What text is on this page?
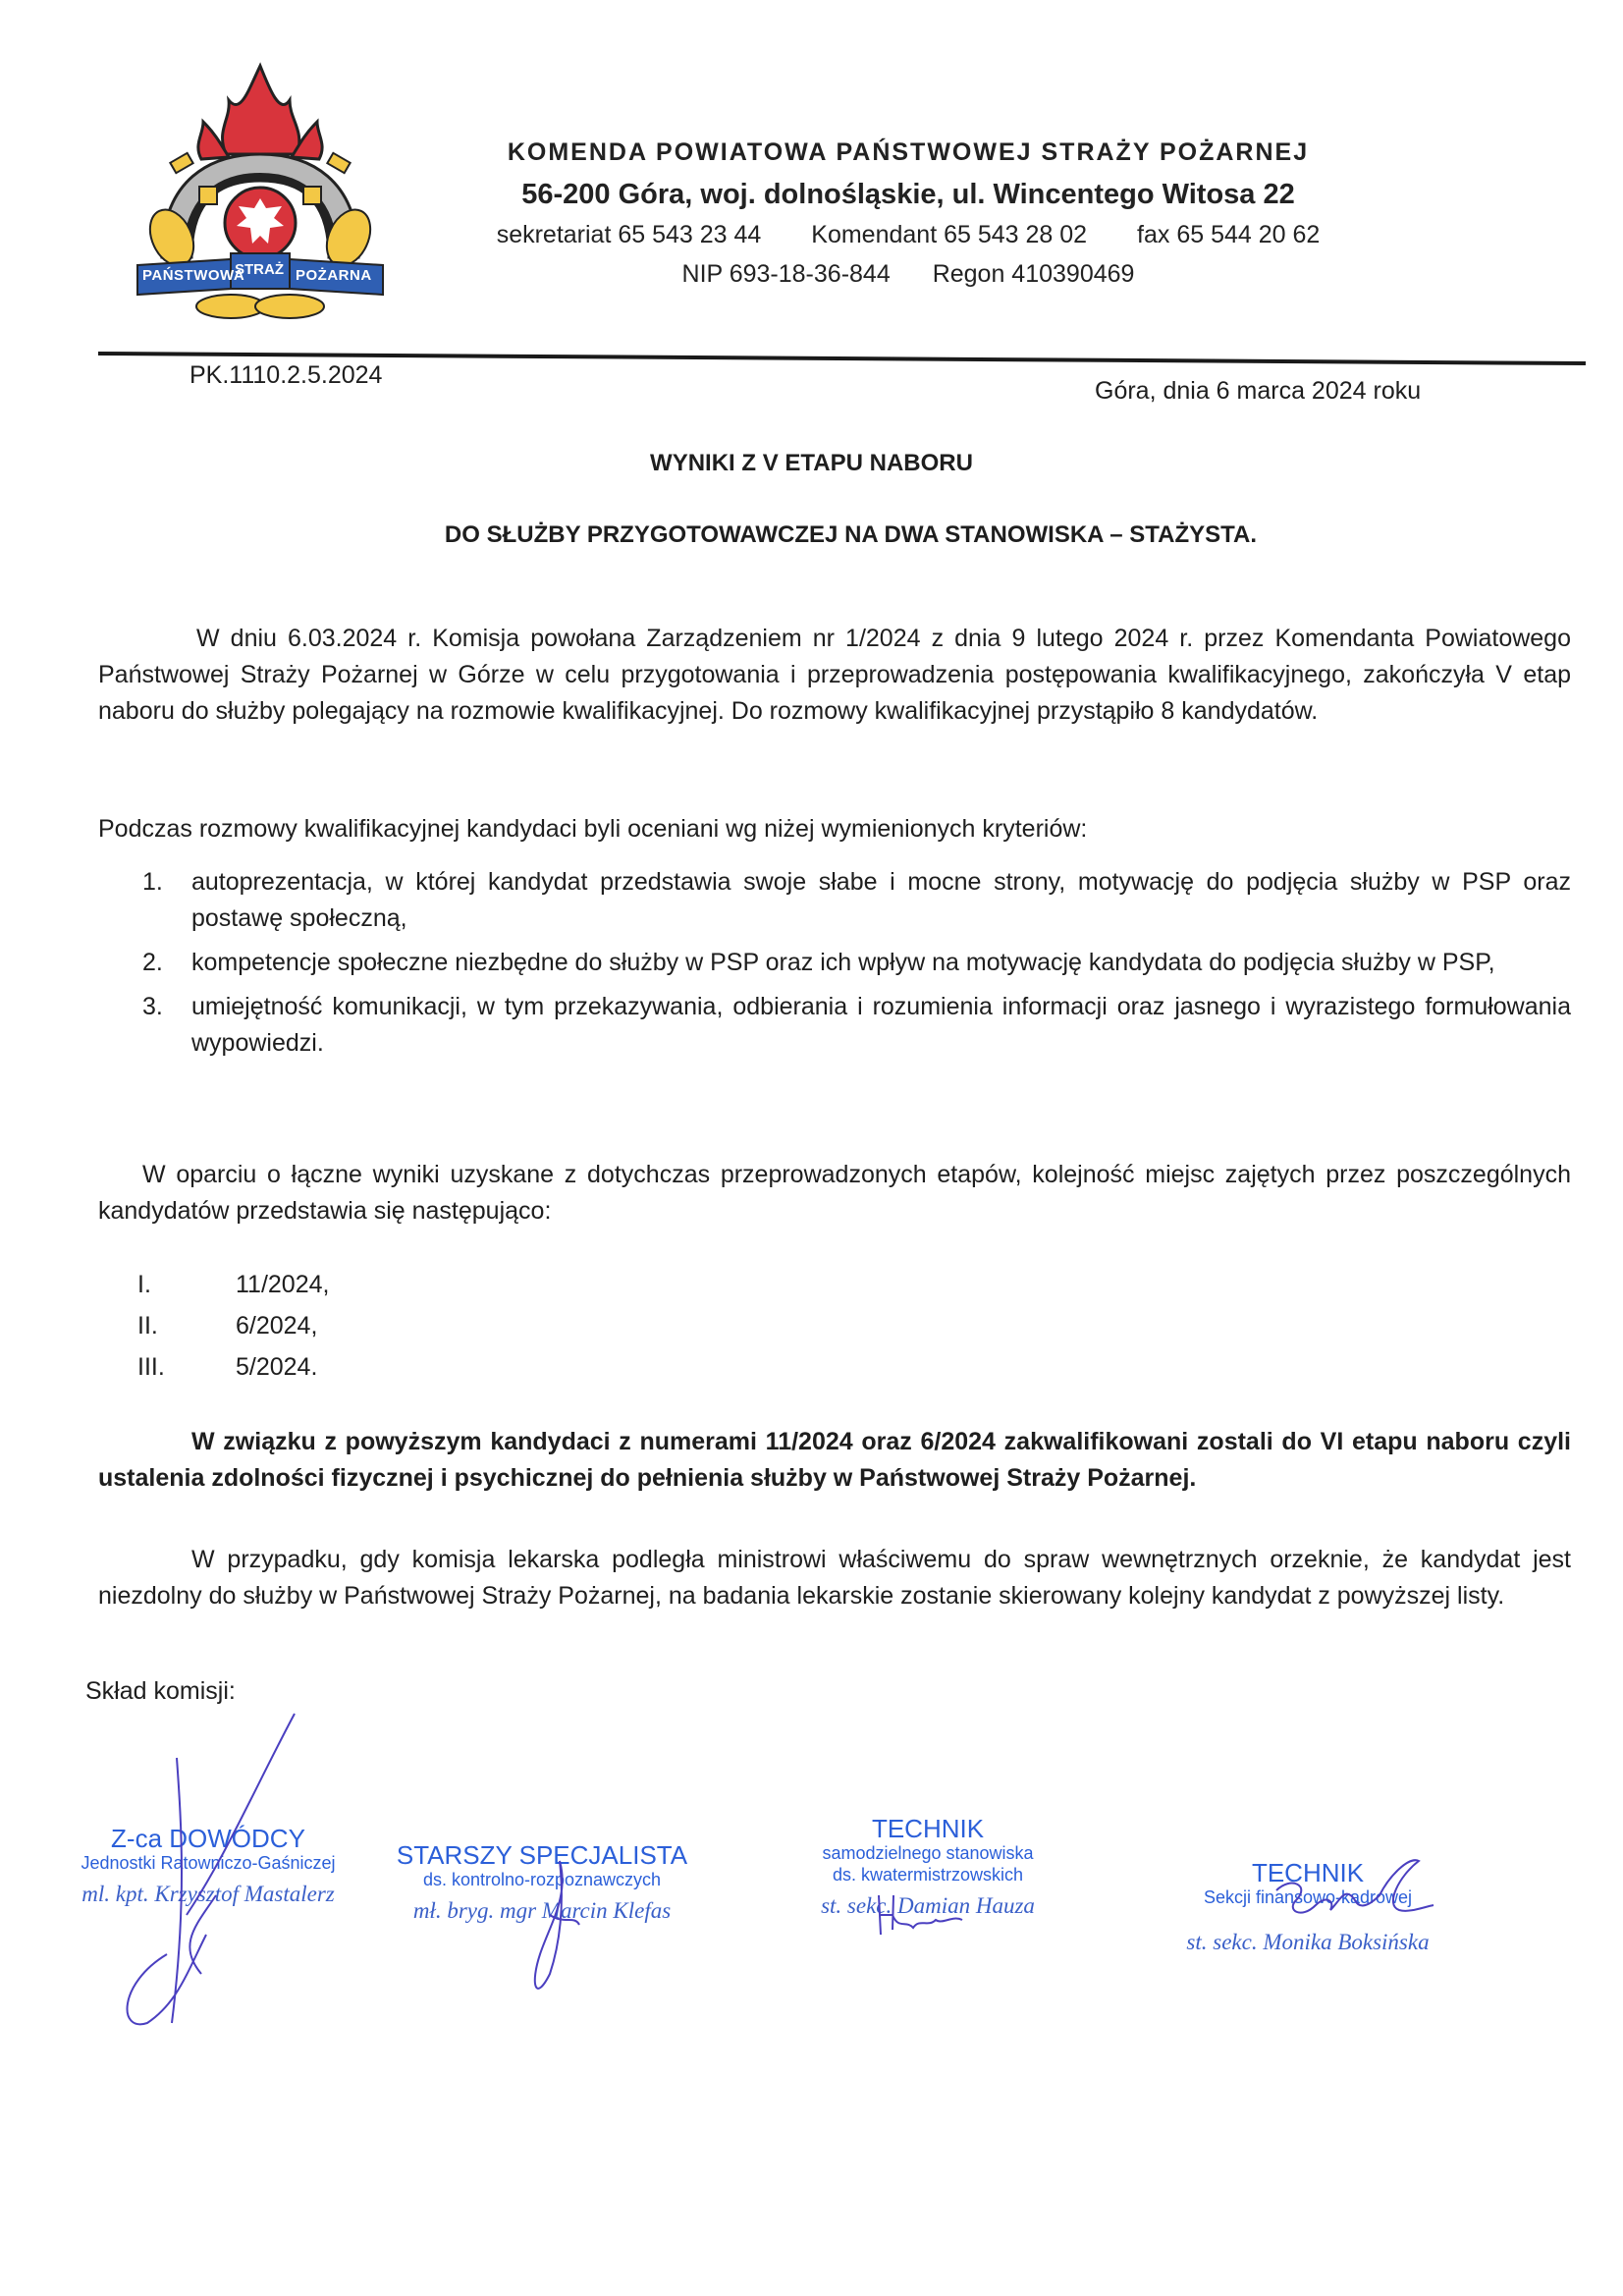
PAŃSTWOWA
STRAŻ POŻARNA
KOMENDA POWIATOWA PAŃSTWOWEJ STRAŻY POŻARNEJ
56-200 Góra, woj. dolnośląskie, ul. Wincentego Witosa 22
sekretariat 65 543 23 44 Komendant 65 543 28 02 fax 65 544 20 62
NIP 693-18-36-844 Regon 410390469
PK.1110.2.5.2024
Góra, dnia 6 marca 2024 roku
WYNIKI Z V ETAPU NABORU
DO SŁUŻBY PRZYGOTOWAWCZEJ NA DWA STANOWISKA – STAŻYSTA.
W dniu 6.03.2024 r. Komisja powołana Zarządzeniem nr 1/2024 z dnia 9 lutego 2024 r. przez Komendanta Powiatowego Państwowej Straży Pożarnej w Górze w celu przygotowania i przeprowadzenia postępowania kwalifikacyjnego, zakończyła V etap naboru do służby polegający na rozmowie kwalifikacyjnej. Do rozmowy kwalifikacyjnej przystąpiło 8 kandydatów.
Podczas rozmowy kwalifikacyjnej kandydaci byli oceniani wg niżej wymienionych kryteriów:
1. autoprezentacja, w której kandydat przedstawia swoje słabe i mocne strony, motywację do podjęcia służby w PSP oraz postawę społeczną,
2. kompetencje społeczne niezbędne do służby w PSP oraz ich wpływ na motywację kandydata do podjęcia służby w PSP,
3. umiejętność komunikacji, w tym przekazywania, odbierania i rozumienia informacji oraz jasnego i wyrazistego formułowania wypowiedzi.
W oparciu o łączne wyniki uzyskane z dotychczas przeprowadzonych etapów, kolejność miejsc zajętych przez poszczególnych kandydatów przedstawia się następująco:
I.	11/2024,
II.	6/2024,
III.	5/2024.
W związku z powyższym kandydaci z numerami 11/2024 oraz 6/2024 zakwalifikowani zostali do VI etapu naboru czyli ustalenia zdolności fizycznej i psychicznej do pełnienia służby w Państwowej Straży Pożarnej.
W przypadku, gdy komisja lekarska podległa ministrowi właściwemu do spraw wewnętrznych orzeknie, że kandydat jest niezdolny do służby w Państwowej Straży Pożarnej, na badania lekarskie zostanie skierowany kolejny kandydat z powyższej listy.
Skład komisji:
Z-ca DOWÓDCY
Jednostki Ratowniczo-Gaśniczej
ml. kpt. Krzysztof Mastalerz
STARSZY SPECJALISTA
ds. kontrolno-rozpoznawczych
mł. bryg. mgr Marcin Klefas
TECHNIK
samodzielnego stanowiska
ds. kwatermistrzowskich
st. sekc. Damian Hauza
TECHNIK
Sekcji finansowo-kadrowej
st. sekc. Monika Boksińska
